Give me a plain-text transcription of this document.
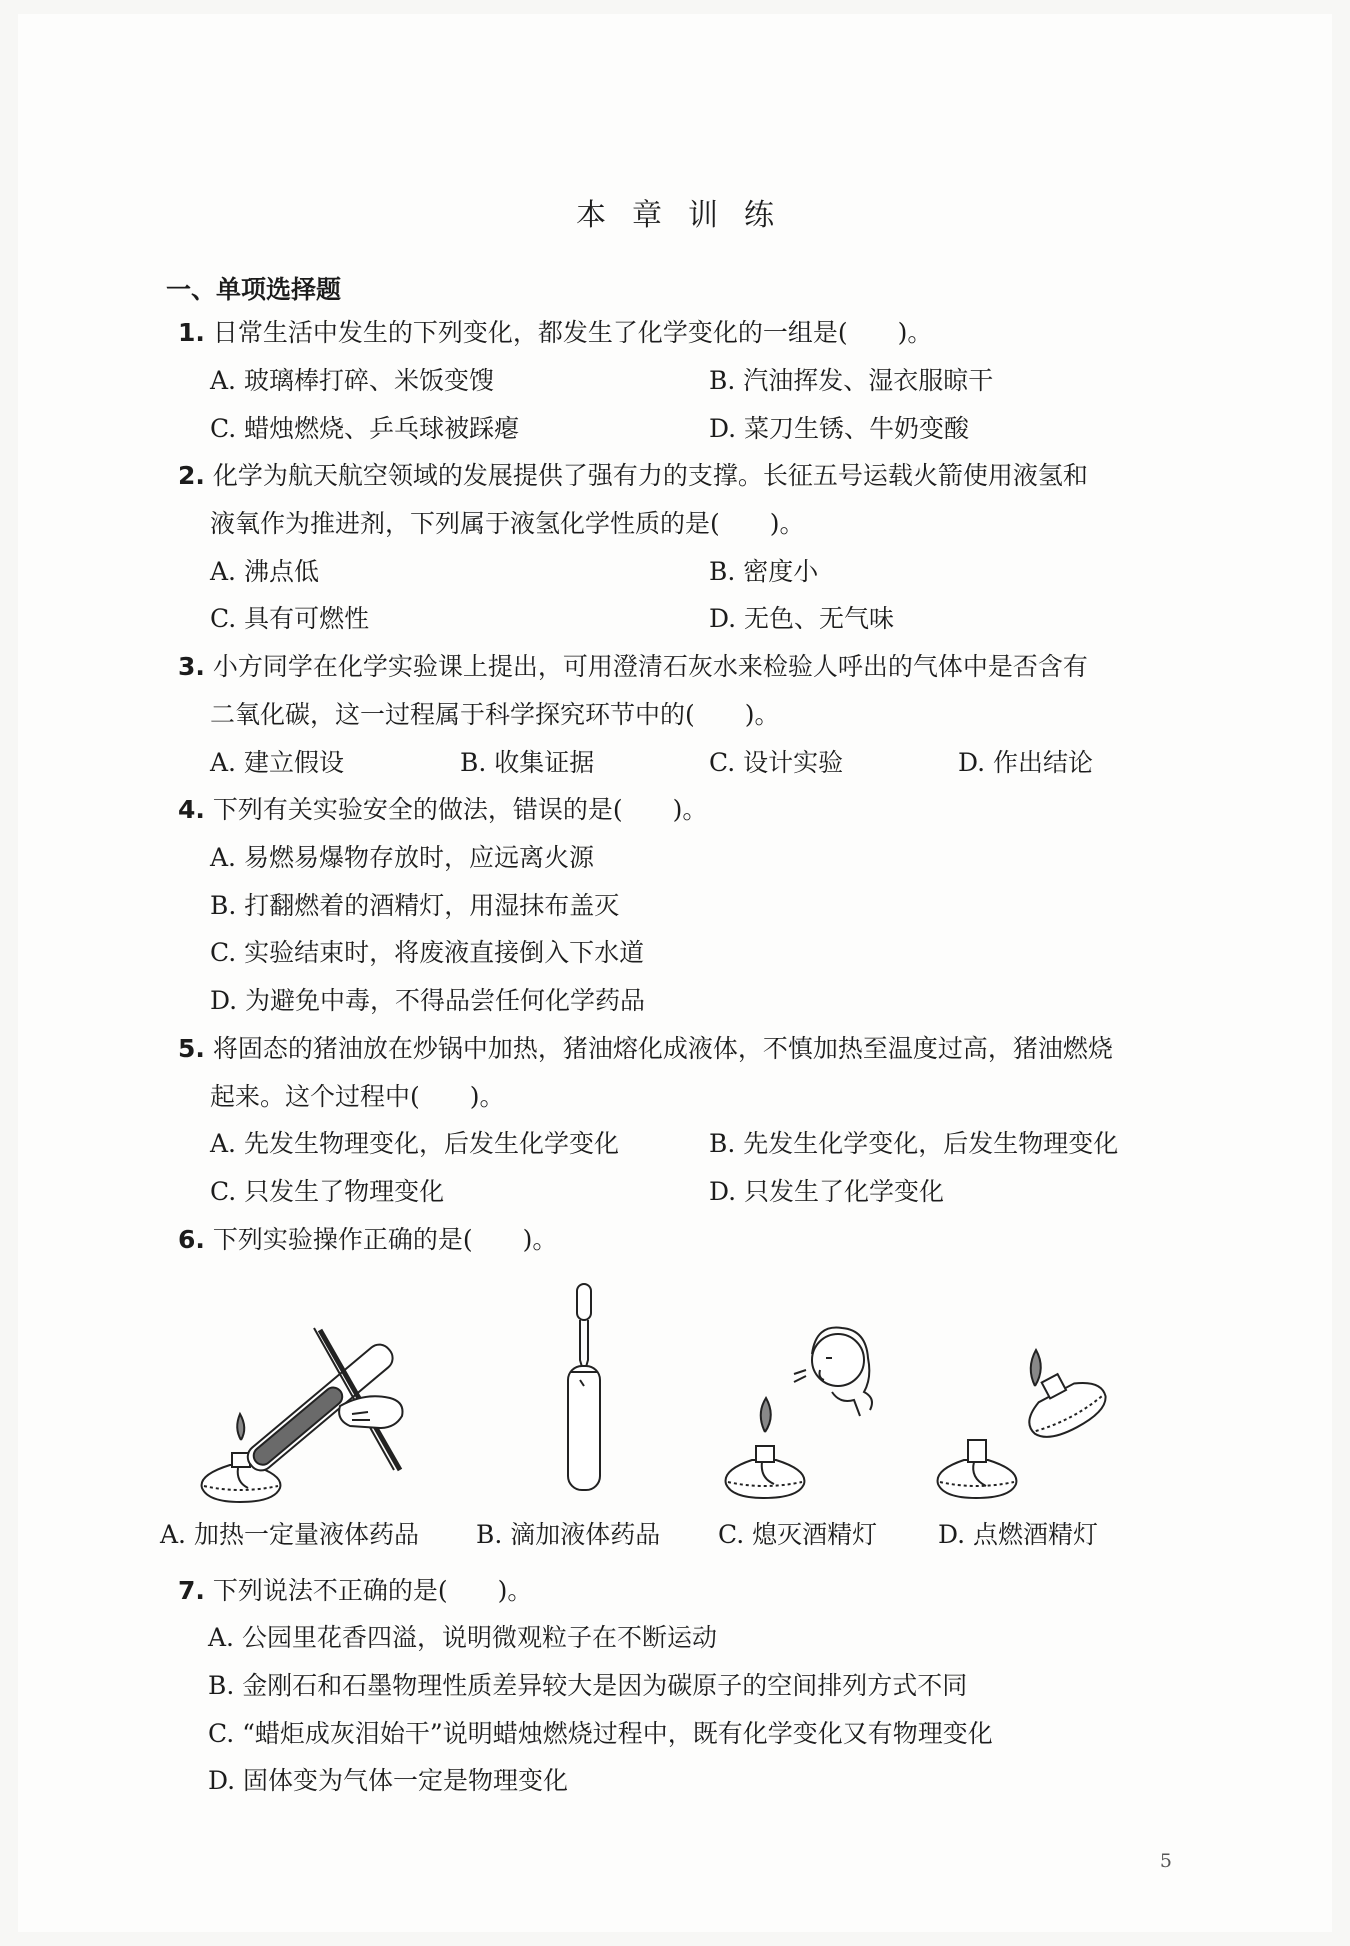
本章训练
一、单项选择题
1. 日常生活中发生的下列变化，都发生了化学变化的一组是(　　)。
A. 玻璃棒打碎、米饭变馊	B. 汽油挥发、湿衣服晾干
C. 蜡烛燃烧、乒乓球被踩瘪	D. 菜刀生锈、牛奶变酸
2. 化学为航天航空领域的发展提供了强有力的支撑。长征五号运载火箭使用液氢和
液氧作为推进剂，下列属于液氢化学性质的是(　　)。
A. 沸点低	B. 密度小
C. 具有可燃性	D. 无色、无气味
3. 小方同学在化学实验课上提出，可用澄清石灰水来检验人呼出的气体中是否含有
二氧化碳，这一过程属于科学探究环节中的(　　)。
A. 建立假设	B. 收集证据	C. 设计实验	D. 作出结论
4. 下列有关实验安全的做法，错误的是(　　)。
A. 易燃易爆物存放时，应远离火源
B. 打翻燃着的酒精灯，用湿抹布盖灭
C. 实验结束时，将废液直接倒入下水道
D. 为避免中毒，不得品尝任何化学药品
5. 将固态的猪油放在炒锅中加热，猪油熔化成液体，不慎加热至温度过高，猪油燃烧
起来。这个过程中(　　)。
A. 先发生物理变化，后发生化学变化	B. 先发生化学变化，后发生物理变化
C. 只发生了物理变化	D. 只发生了化学变化
6. 下列实验操作正确的是(　　)。
A. 加热一定量液体药品 B. 滴加液体药品 C. 熄灭酒精灯 D. 点燃酒精灯
7. 下列说法不正确的是(　　)。
A. 公园里花香四溢，说明微观粒子在不断运动
B. 金刚石和石墨物理性质差异较大是因为碳原子的空间排列方式不同
C. “蜡炬成灰泪始干”说明蜡烛燃烧过程中，既有化学变化又有物理变化
D. 固体变为气体一定是物理变化
5
